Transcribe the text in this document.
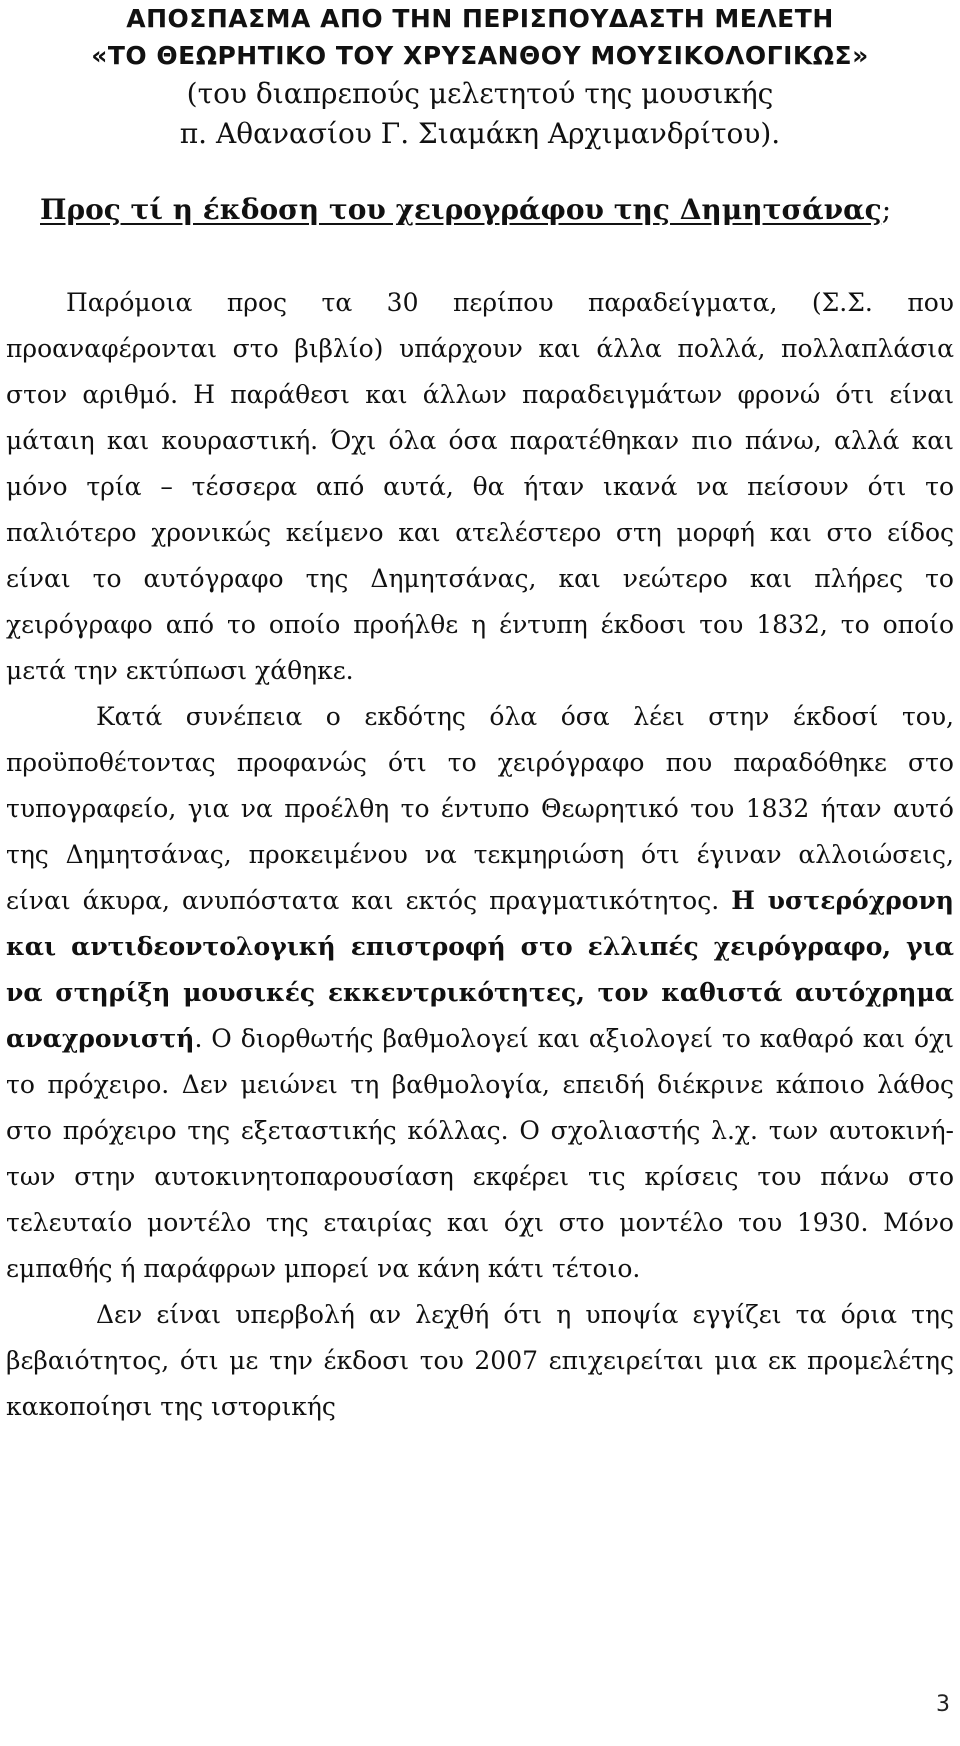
ΑΠΟΣΠΑΣΜΑ ΑΠΟ ΤΗΝ ΠΕΡΙΣΠΟΥΔΑΣΤΗ ΜΕΛΕΤΗ
«ΤΟ ΘΕΩΡΗΤΙΚΟ ΤΟΥ ΧΡΥΣΑΝΘΟΥ ΜΟΥΣΙΚΟΛΟΓΙΚΩΣ»
(του διαπρεπούς μελετητού της μουσικής
π. Αθανασίου Γ. Σιαμάκη Αρχιμανδρίτου).
Προς τί η έκδοση του χειρογράφου της Δημητσάνας;

Παρόμοια προς τα 30 περίπου παραδείγματα, (Σ.Σ. που προαναφέρονται στο βιβλίο) υπάρχουν και άλλα πολλά, πολλαπλάσια στον αριθμό. Η παράθεσι και άλλων παραδειγμάτων φρονώ ότι είναι μάταιη και κουραστική. Όχι όλα όσα παρατέθηκαν πιο πάνω, αλλά και μόνο τρία – τέσσερα από αυτά, θα ήταν ικανά να πείσουν ότι το παλιότερο χρονικώς κείμενο και ατελέστερο στη μορφή και στο είδος είναι το αυτόγραφο της Δημητσάνας, και νεώτερο και πλήρες το χειρόγραφο από το οποίο προήλθε η έντυπη έκδοσι του 1832, το οποίο μετά την εκτύπωσι χάθηκε.

Κατά συνέπεια ο εκδότης όλα όσα λέει στην έκδοσί του, προϋποθέτοντας προφανώς ότι το χειρόγραφο που παραδόθηκε στο τυπογραφείο, για να προέλθη το έντυπο Θεωρητικό του 1832 ήταν αυτό της Δημητσάνας, προκειμένου να τεκμηριώση ότι έγιναν αλλοιώσεις, είναι άκυρα, ανυπόστατα και εκτός πραγματικότητος. Η υστερόχρονη και αντιδεοντολογική επιστροφή στο ελλιπές χειρόγραφο, για να στηρίξη μουσικές εκκεντρικότητες, τον καθιστά αυτόχρημα αναχρονιστή. Ο διορθωτής βαθμολογεί και αξιολογεί το καθαρό και όχι το πρόχειρο. Δεν μειώνει τη βαθμολογία, επειδή διέκρινε κάποιο λάθος στο πρόχειρο της εξεταστικής κόλλας. Ο σχολιαστής λ.χ. των αυτοκινήτων στην αυτοκινητοπαρουσίαση εκφέρει τις κρίσεις του πάνω στο τελευταίο μοντέλο της εταιρίας και όχι στο μοντέλο του 1930. Μόνο εμπαθής ή παράφρων μπορεί να κάνη κάτι τέτοιο.

Δεν είναι υπερβολή αν λεχθή ότι η υποψία εγγίζει τα όρια της βεβαιότητος, ότι με την έκδοσι του 2007 επιχειρείται μια εκ προμελέτης κακοποίησι της ιστορικής

3
